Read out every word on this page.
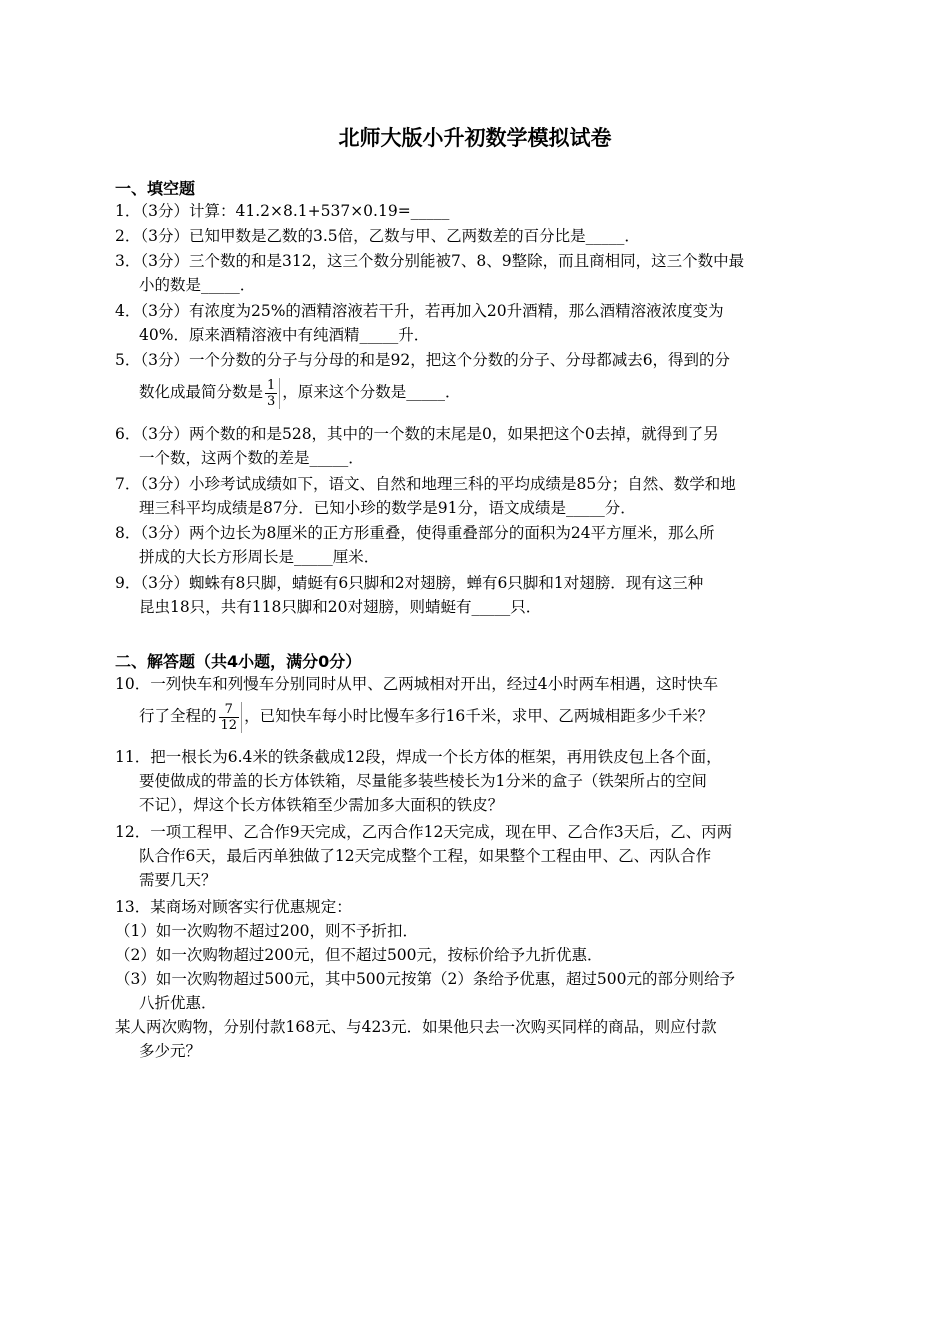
北师大版小升初数学模拟试卷
一、填空题
1．（3分）计算：41.2×8.1+537×0.19=_____
2．（3分）已知甲数是乙数的3.5倍，乙数与甲、乙两数差的百分比是_____．
3．（3分）三个数的和是312，这三个数分别能被7、8、9整除，而且商相同，这三个数中最
小的数是_____．
4．（3分）有浓度为25%的酒精溶液若干升，若再加入20升酒精，那么酒精溶液浓度变为
40%．原来酒精溶液中有纯酒精_____升．
5．（3分）一个分数的分子与分母的和是92，把这个分数的分子、分母都减去6，得到的分
数化成最简分数是 $\frac{1}{3}$ ，原来这个分数是_____．
6．（3分）两个数的和是528，其中的一个数的末尾是0，如果把这个0去掉，就得到了另
一个数，这两个数的差是_____．
7．（3分）小珍考试成绩如下，语文、自然和地理三科的平均成绩是85分；自然、数学和地
理三科平均成绩是87分．已知小珍的数学是91分，语文成绩是_____分．
8．（3分）两个边长为8厘米的正方形重叠，使得重叠部分的面积为24平方厘米，那么所
拼成的大长方形周长是_____厘米．
9．（3分）蜘蛛有8只脚，蜻蜓有6只脚和2对翅膀，蝉有6只脚和1对翅膀．现有这三种
昆虫18只，共有118只脚和20对翅膀，则蜻蜓有_____只．
二、解答题（共4小题，满分0分）
10．一列快车和列慢车分别同时从甲、乙两城相对开出，经过4小时两车相遇，这时快车
行了全程的 $\frac{7}{12}$ ，已知快车每小时比慢车多行16千米，求甲、乙两城相距多少千米？
11．把一根长为6.4米的铁条截成12段，焊成一个长方体的框架，再用铁皮包上各个面，
要使做成的带盖的长方体铁箱，尽量能多装些棱长为1分米的盒子（铁架所占的空间
不记），焊这个长方体铁箱至少需加多大面积的铁皮？
12．一项工程甲、乙合作9天完成，乙丙合作12天完成，现在甲、乙合作3天后，乙、丙两
队合作6天，最后丙单独做了12天完成整个工程，如果整个工程由甲、乙、丙队合作
需要几天？
13．某商场对顾客实行优惠规定：
（1）如一次购物不超过200，则不予折扣．
（2）如一次购物超过200元，但不超过500元，按标价给予九折优惠．
（3）如一次购物超过500元，其中500元按第（2）条给予优惠，超过500元的部分则给予
八折优惠．
某人两次购物，分别付款168元、与423元．如果他只去一次购买同样的商品，则应付款
多少元？
